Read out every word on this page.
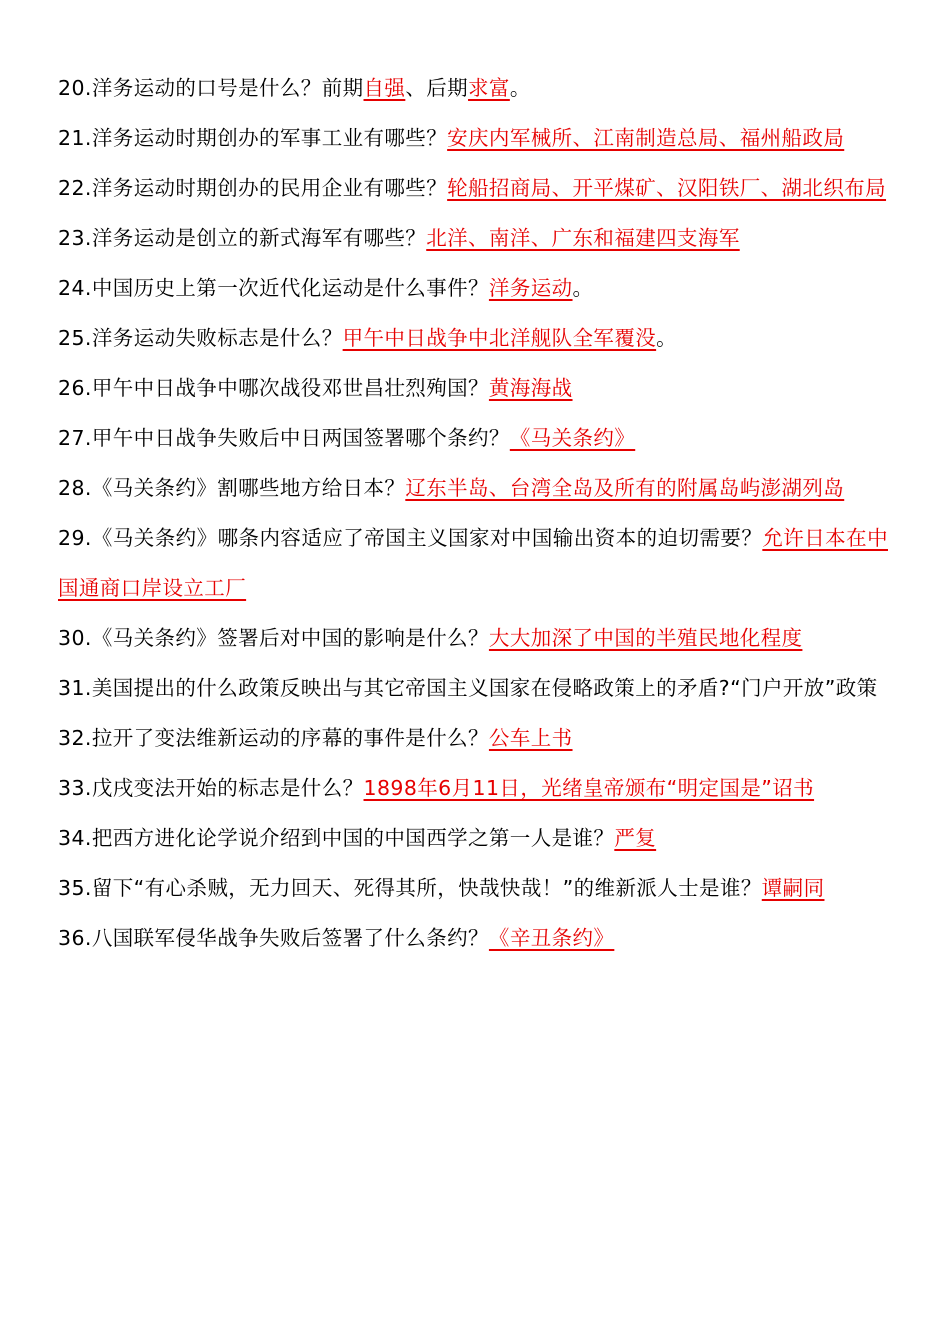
20.洋务运动的口号是什么？前期自强、后期求富。

21.洋务运动时期创办的军事工业有哪些？安庆内军械所、江南制造总局、福州船政局

22.洋务运动时期创办的民用企业有哪些？轮船招商局、开平煤矿、汉阳铁厂、湖北织布局

23.洋务运动是创立的新式海军有哪些？北洋、南洋、广东和福建四支海军

24.中国历史上第一次近代化运动是什么事件？洋务运动。

25.洋务运动失败标志是什么？甲午中日战争中北洋舰队全军覆没。

26.甲午中日战争中哪次战役邓世昌壮烈殉国？黄海海战

27.甲午中日战争失败后中日两国签署哪个条约？《马关条约》

28.《马关条约》割哪些地方给日本？辽东半岛、台湾全岛及所有的附属岛屿澎湖列岛

29.《马关条约》哪条内容适应了帝国主义国家对中国输出资本的迫切需要？允许日本在中国通商口岸设立工厂

30.《马关条约》签署后对中国的影响是什么？大大加深了中国的半殖民地化程度

31.美国提出的什么政策反映出与其它帝国主义国家在侵略政策上的矛盾?“门户开放”政策

32.拉开了变法维新运动的序幕的事件是什么？公车上书

33.戊戌变法开始的标志是什么？1898年6月11日，光绪皇帝颁布“明定国是”诏书

34.把西方进化论学说介绍到中国的中国西学之第一人是谁？严复

35.留下“有心杀贼，无力回天、死得其所，快哉快哉！”的维新派人士是谁？谭嗣同

36.八国联军侵华战争失败后签署了什么条约？《辛丑条约》
